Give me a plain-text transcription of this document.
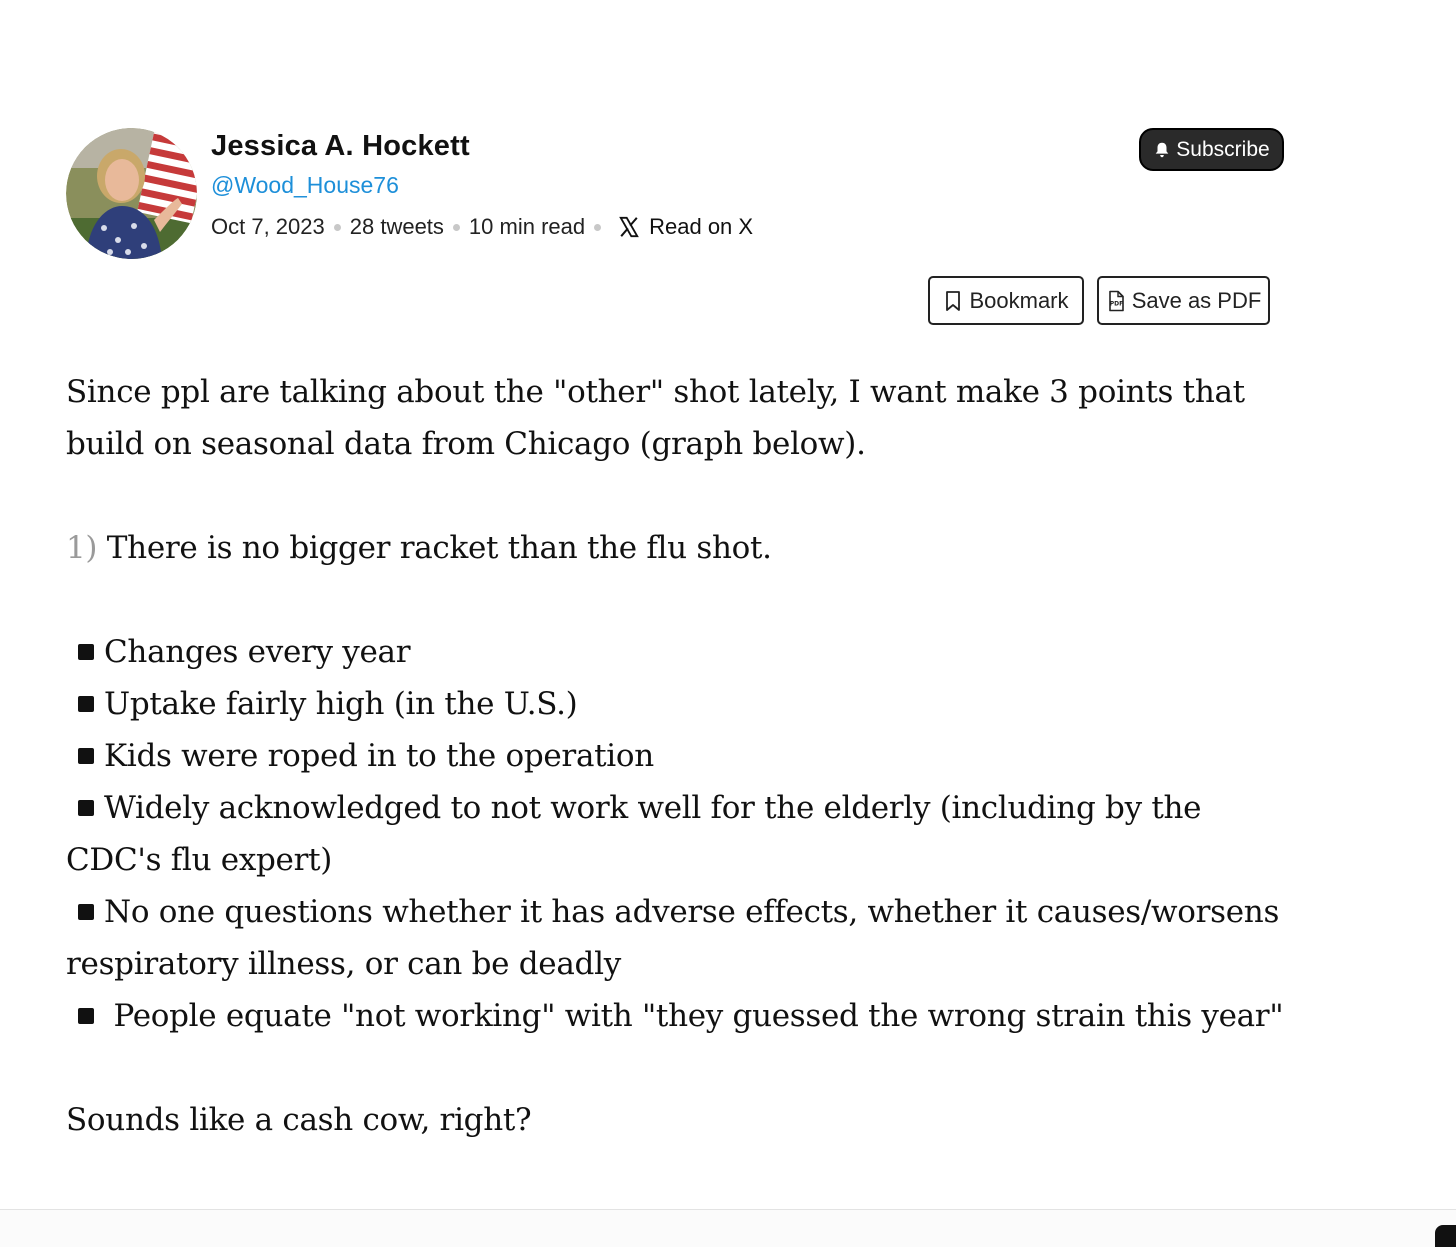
Jessica A. Hockett
@Wood_House76
Oct 7, 2023 28 tweets 10 min read	Read on X
Subscribe
Bookmark	PDF Save as PDF

Since ppl are talking about the "other" shot lately, I want make 3 points that build on seasonal data from Chicago (graph below).

1) There is no bigger racket than the flu shot.

Changes every year

Uptake fairly high (in the U.S.)

Kids were roped in to the operation

Widely acknowledged to not work well for the elderly (including by the CDC's flu expert)

No one questions whether it has adverse effects, whether it causes/worsens respiratory illness, or can be deadly

People equate "not working" with "they guessed the wrong strain this year"

Sounds like a cash cow, right?
